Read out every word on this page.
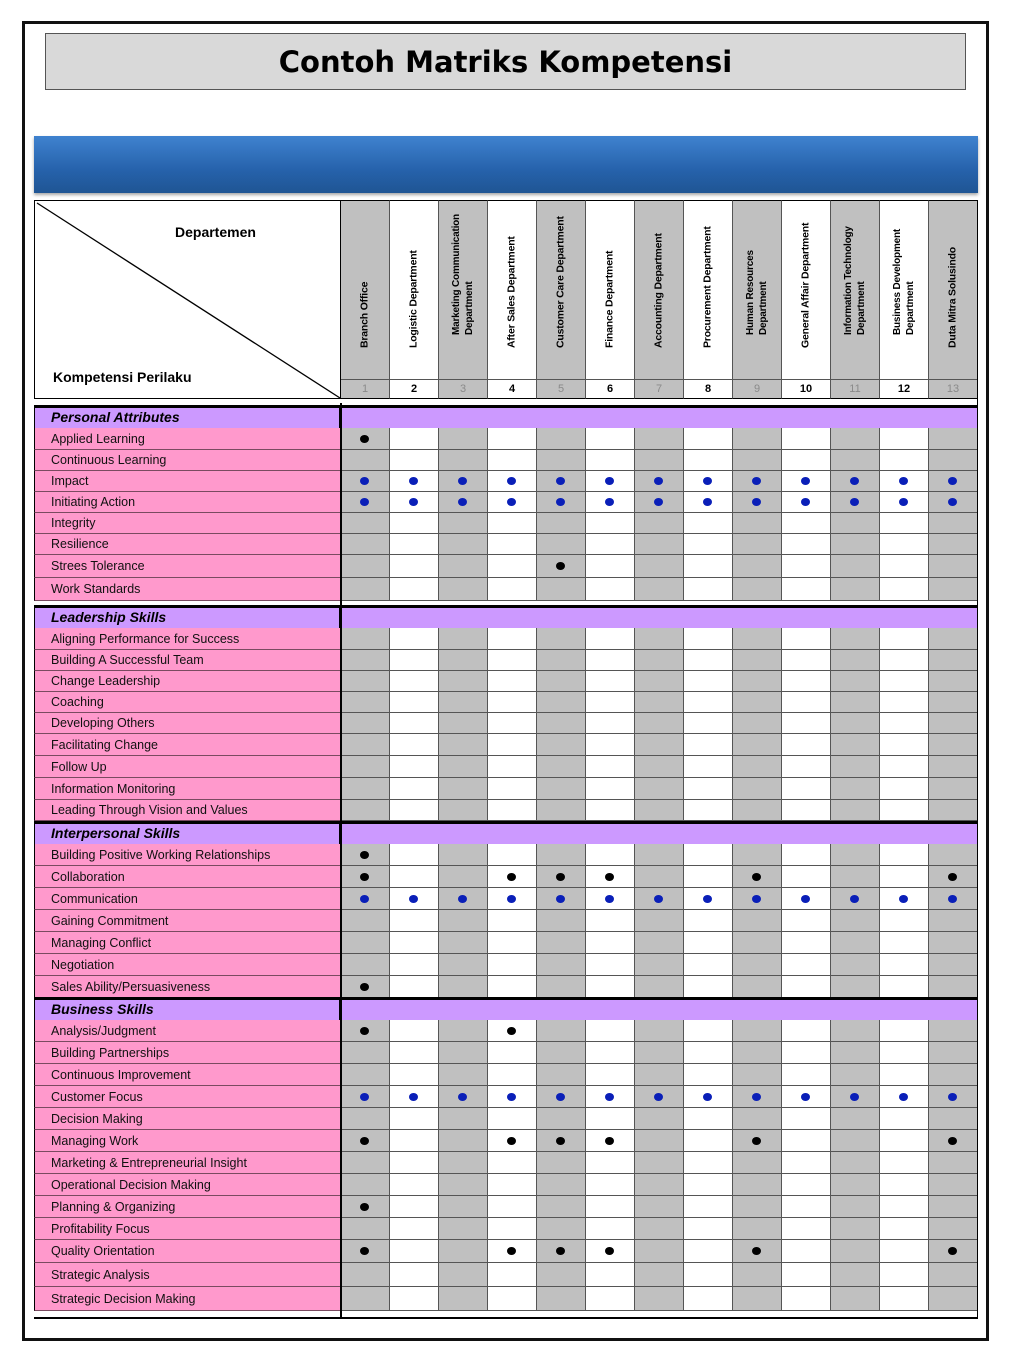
Contoh Matriks Kompetensi
Departemen
Kompetensi Perilaku
Branch Office
1
Logistic Department
2
Marketing Communication Department
3
After Sales Department
4
Customer Care Department
5
Finance Department
6
Accounting Department
7
Procurement Department
8
Human Resources Department
9
General Affair Department
10
Information Technology Department
11
Business Development Department
12
Duta Mitra Solusindo
13
Personal Attributes
Applied Learning
Continuous Learning
Impact
Initiating Action
Integrity
Resilience
Strees Tolerance
Work Standards
Leadership Skills
Aligning Performance for Success
Building A Successful Team
Change Leadership
Coaching
Developing Others
Facilitating Change
Follow Up
Information Monitoring
Leading Through Vision and Values
Interpersonal Skills
Building Positive Working Relationships
Collaboration
Communication
Gaining Commitment
Managing Conflict
Negotiation
Sales Ability/Persuasiveness
Business Skills
Analysis/Judgment
Building Partnerships
Continuous Improvement
Customer Focus
Decision Making
Managing Work
Marketing & Entrepreneurial Insight
Operational Decision Making
Planning & Organizing
Profitability Focus
Quality Orientation
Strategic Analysis
Strategic Decision Making
